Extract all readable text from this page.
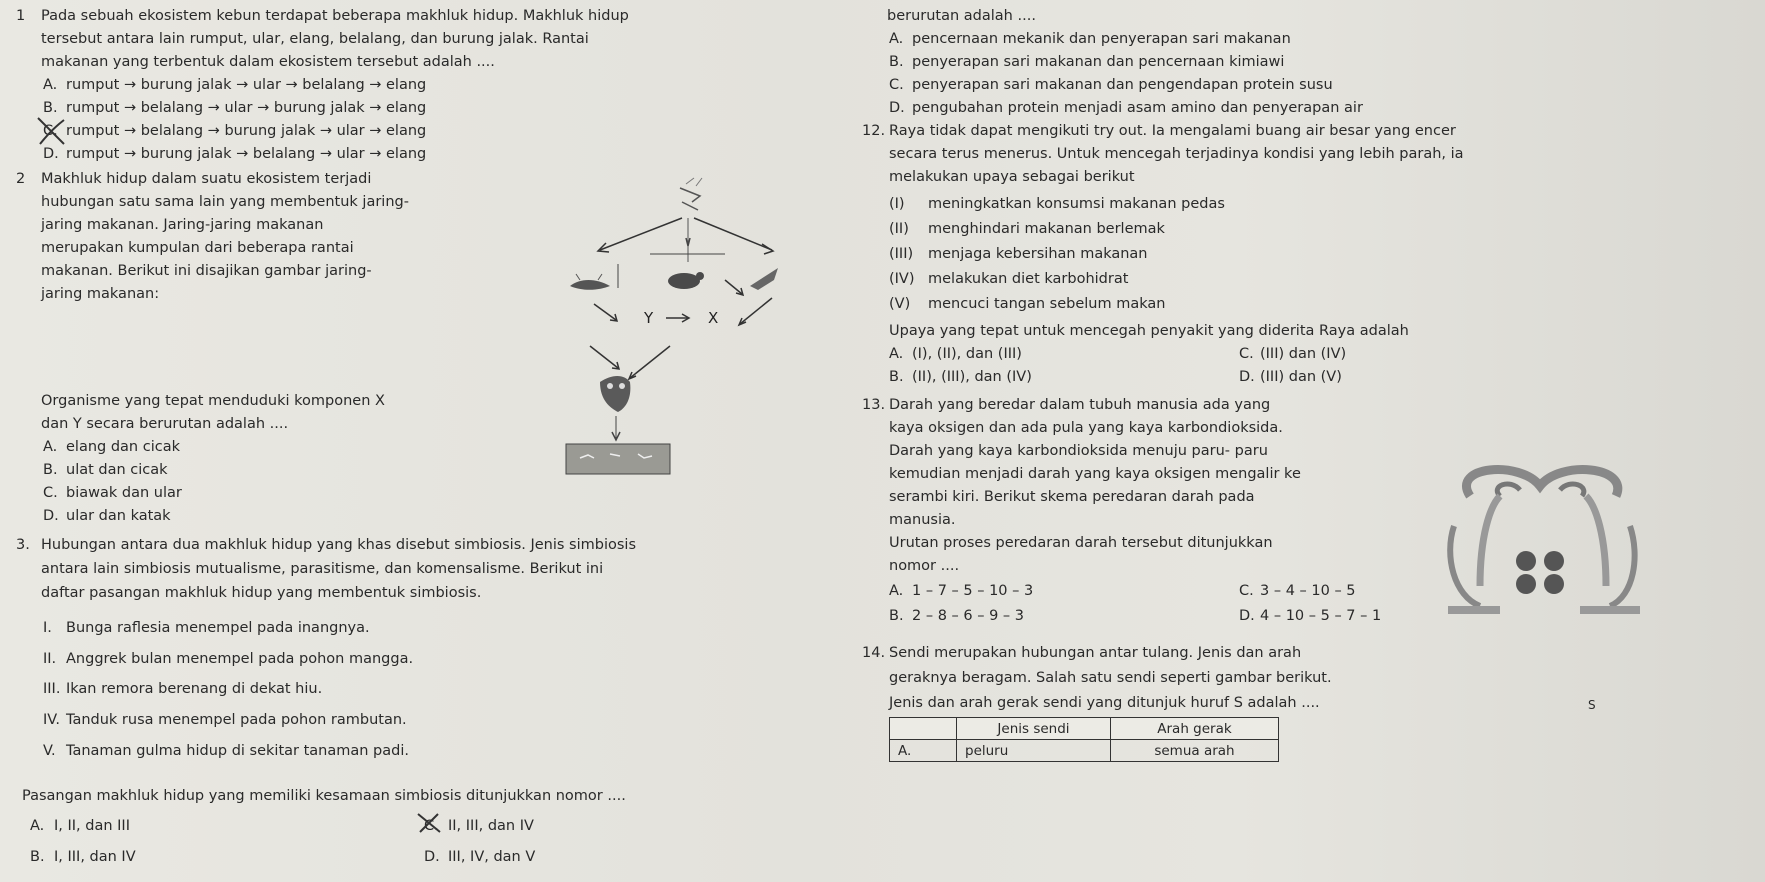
1 Pada sebuah ekosistem kebun terdapat beberapa makhluk hidup. Makhluk hidup
tersebut antara lain rumput, ular, elang, belalang, dan burung jalak. Rantai
makanan yang terbentuk dalam ekosistem tersebut adalah ....
A. rumput → burung jalak → ular → belalang → elang
B. rumput → belalang → ular → burung jalak → elang
C. rumput → belalang → burung jalak → ular → elang
D. rumput → burung jalak → belalang → ular → elang
2 Makhluk hidup dalam suatu ekosistem terjadi
hubungan satu sama lain yang membentuk jaring-
jaring makanan. Jaring-jaring makanan
merupakan kumpulan dari beberapa rantai
makanan. Berikut ini disajikan gambar jaring-
jaring makanan:
Y	X
Organisme yang tepat menduduki komponen X
dan Y secara berurutan adalah ....
A. elang dan cicak
B. ulat dan cicak
C. biawak dan ular
D. ular dan katak
3. Hubungan antara dua makhluk hidup yang khas disebut simbiosis. Jenis simbiosis
antara lain simbiosis mutualisme, parasitisme, dan komensalisme. Berikut ini
daftar pasangan makhluk hidup yang membentuk simbiosis.
I. Bunga raflesia menempel pada inangnya.
II. Anggrek bulan menempel pada pohon mangga.
III. Ikan remora berenang di dekat hiu.
IV. Tanduk rusa menempel pada pohon rambutan.
V. Tanaman gulma hidup di sekitar tanaman padi.
Pasangan makhluk hidup yang memiliki kesamaan simbiosis ditunjukkan nomor ....
A. I, II, dan III	C. II, III, dan IV
B. I, III, dan IV	D. III, IV, dan V
berurutan adalah ....
A. pencernaan mekanik dan penyerapan sari makanan
B. penyerapan sari makanan dan pencernaan kimiawi
C. penyerapan sari makanan dan pengendapan protein susu
D. pengubahan protein menjadi asam amino dan penyerapan air
12. Raya tidak dapat mengikuti try out. Ia mengalami buang air besar yang encer
secara terus menerus. Untuk mencegah terjadinya kondisi yang lebih parah, ia
melakukan upaya sebagai berikut
(I) meningkatkan konsumsi makanan pedas
(II) menghindari makanan berlemak
(III) menjaga kebersihan makanan
(IV) melakukan diet karbohidrat
(V) mencuci tangan sebelum makan
Upaya yang tepat untuk mencegah penyakit yang diderita Raya adalah
A. (I), (II), dan (III)	C. (III) dan (IV)
B. (II), (III), dan (IV)	D. (III) dan (V)
13. Darah yang beredar dalam tubuh manusia ada yang
kaya oksigen dan ada pula yang kaya karbondioksida.
Darah yang kaya karbondioksida menuju paru- paru
kemudian menjadi darah yang kaya oksigen mengalir ke
serambi kiri. Berikut skema peredaran darah pada
manusia.
Urutan proses peredaran darah tersebut ditunjukkan
nomor ....
A. 1 – 7 – 5 – 10 – 3	C. 3 – 4 – 10 – 5
B. 2 – 8 – 6 – 9 – 3	D. 4 – 10 – 5 – 7 – 1
14. Sendi merupakan hubungan antar tulang. Jenis dan arah
geraknya beragam. Salah satu sendi seperti gambar berikut.
Jenis dan arah gerak sendi yang ditunjuk huruf S adalah ....	S
	Jenis sendi	Arah gerak
A.	peluru	semua arah
